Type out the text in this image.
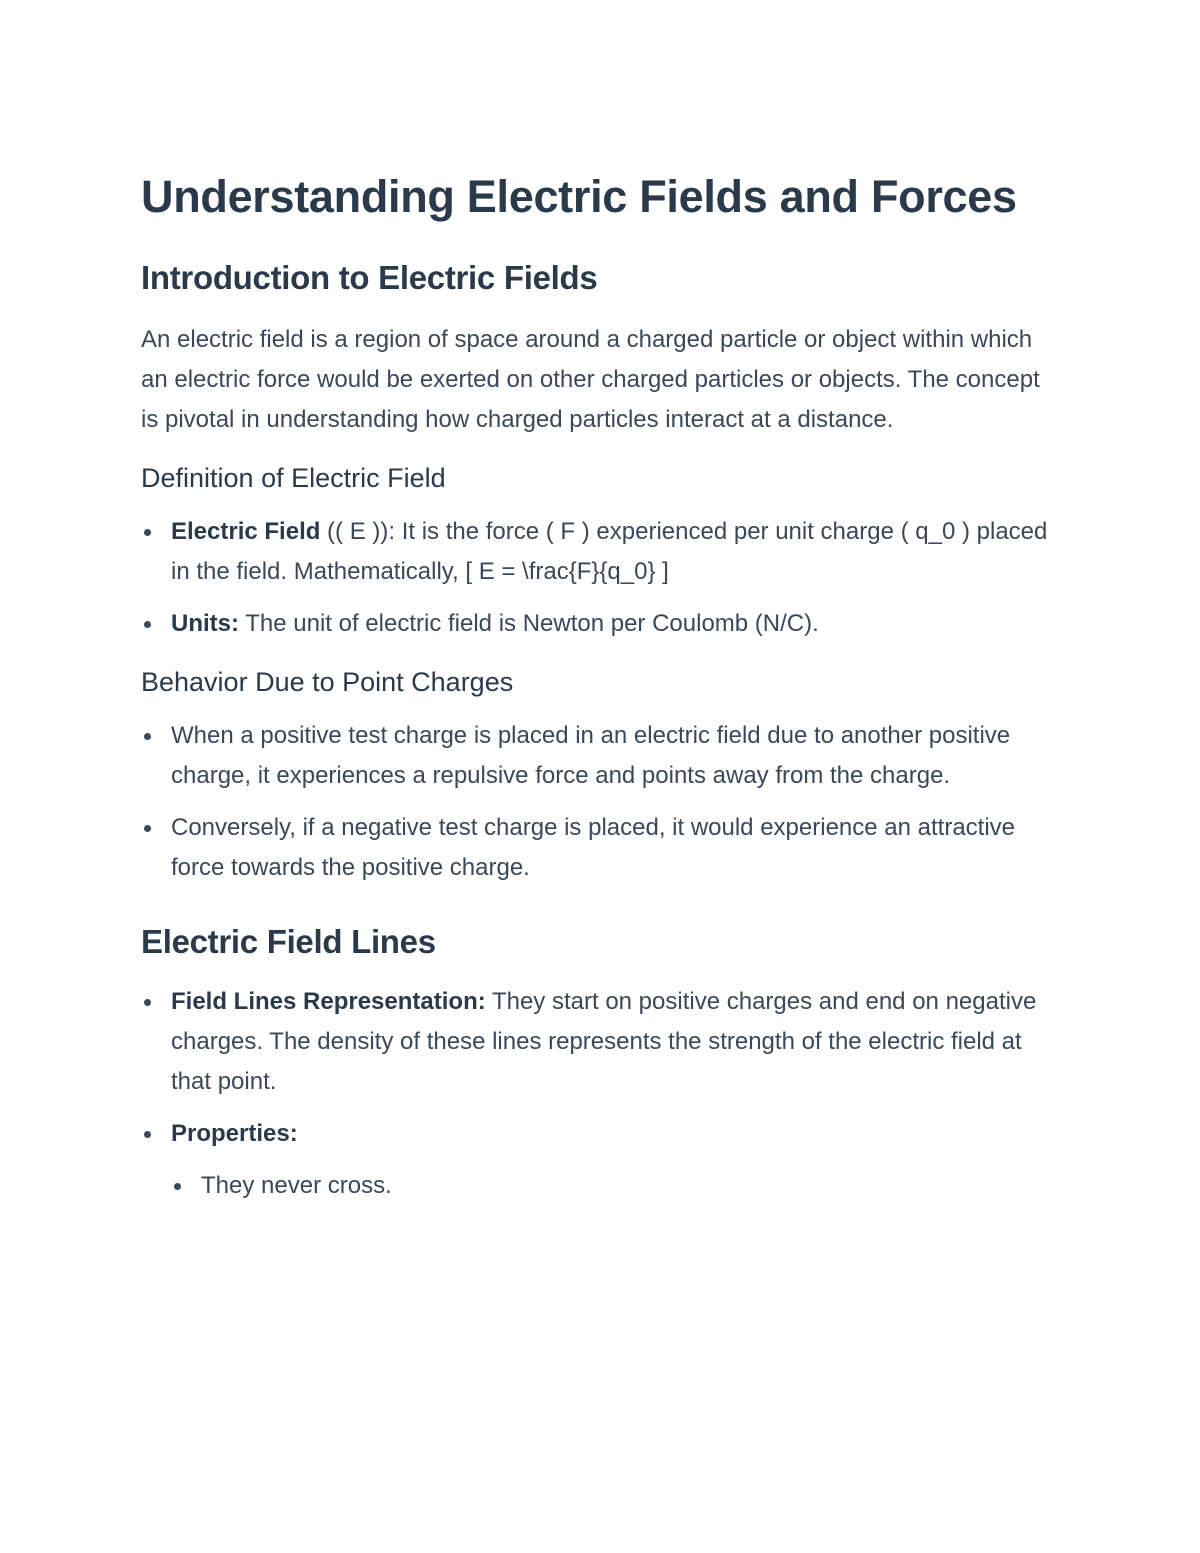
Understanding Electric Fields and Forces
Introduction to Electric Fields

An electric field is a region of space around a charged particle or object within which an electric force would be exerted on other charged particles or objects. The concept is pivotal in understanding how charged particles interact at a distance.

Definition of Electric Field
Electric Field (( E )): It is the force ( F ) experienced per unit charge ( q_0 ) placed in the field. Mathematically, [ E = \frac{F}{q_0} ]
Units: The unit of electric field is Newton per Coulomb (N/C).
Behavior Due to Point Charges
When a positive test charge is placed in an electric field due to another positive charge, it experiences a repulsive force and points away from the charge.
Conversely, if a negative test charge is placed, it would experience an attractive force towards the positive charge.
Electric Field Lines
Field Lines Representation: They start on positive charges and end on negative charges. The density of these lines represents the strength of the electric field at that point.
Properties:
They never cross.
